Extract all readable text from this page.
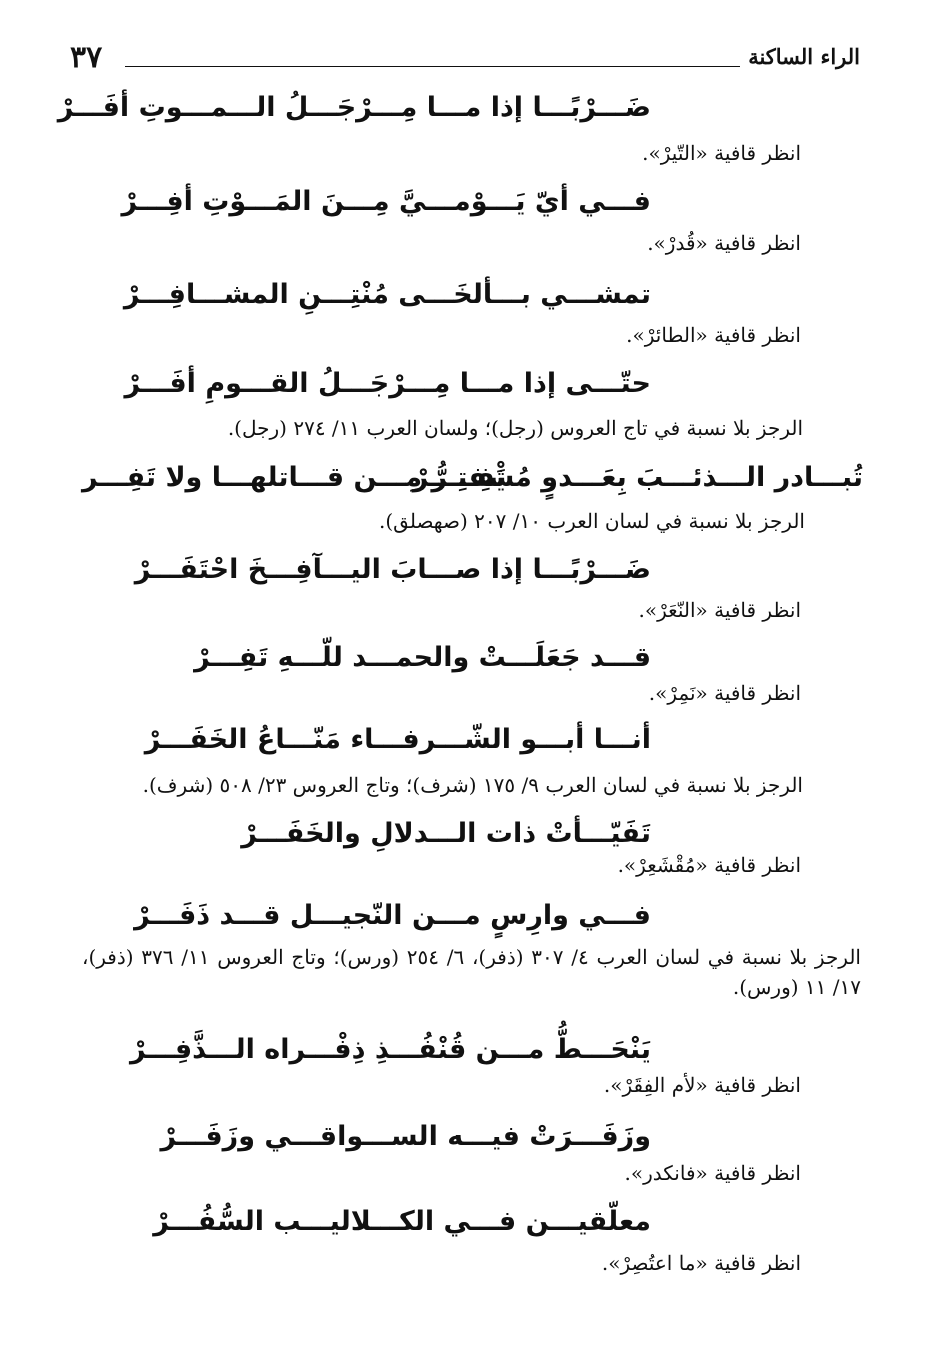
٣٧	الراء الساكنة
ضَـــرْبًـــا إذا مـــا مِـــرْجَـــلُ الـــمـــوتِ أفَـــرْ
انظر قافية «التّيرْ».
فـــي أيّ يَـــوْمـــيَّ مِـــنَ المَـــوْتِ أفِـــرْ
انظر قافية «قُدرْ».
تمشـــي بـــألخَـــى مُنْتِـــنِ المشـــافِـــرْ
انظر قافية «الطائرْ».
حتّـــى إذا مـــا مِـــرْجَـــلُ القـــومِ أفَـــرْ
الرجز بلا نسبة في تاج العروس (رجل)؛ ولسان العرب ١١/ ٢٧٤ (رجل).
تُبـــادر الـــذئـــبَ بِعَـــدوٍ مُشْفتِـــرْ
يَفِـــرُّ مِـــن قـــاتلهـــا ولا تَفِـــر
الرجز بلا نسبة في لسان العرب ١٠/ ٢٠٧ (صهصلق).
ضَـــرْبًـــا إذا صـــابَ اليـــآفِـــخَ احْتَفَـــرْ
انظر قافية «النّعَرْ».
قـــد جَعَلَـــتْ والحمـــد للّـــهِ تَفِـــرْ
انظر قافية «نَمِرْ».
أنـــا أبـــو الشّـــرفـــاء مَنّـــاعُ الخَفَـــرْ
الرجز بلا نسبة في لسان العرب ٩/ ١٧٥ (شرف)؛ وتاج العروس ٢٣/ ٥٠٨ (شرف).
تَفَيّـــأتْ ذات الـــدلالِ والخَفَـــرْ
انظر قافية «مُقْشَعِرْ».
فـــي وارِسٍ مـــن النّجيـــل قـــد ذَفَـــرْ
الرجز بلا نسبة في لسان العرب ٤/ ٣٠٧ (ذفر)، ٦/ ٢٥٤ (ورس)؛ وتاج العروس ١١/ ٣٧٦ (ذفر)، ١٧/ ١١ (ورس).
يَنْحَـــطُّ مـــن قُنْفُـــذِ ذِفْـــراه الـــذَّفِـــرْ
انظر قافية «لأم الفِقَرْ».
وزَفَـــرَتْ فيـــه الســـواقـــي وزَفَـــرْ
انظر قافية «فانكدر».
معلّقيـــن فـــي الكـــلاليـــب السُّفُـــرْ
انظر قافية «ما اعتُصِرْ».
